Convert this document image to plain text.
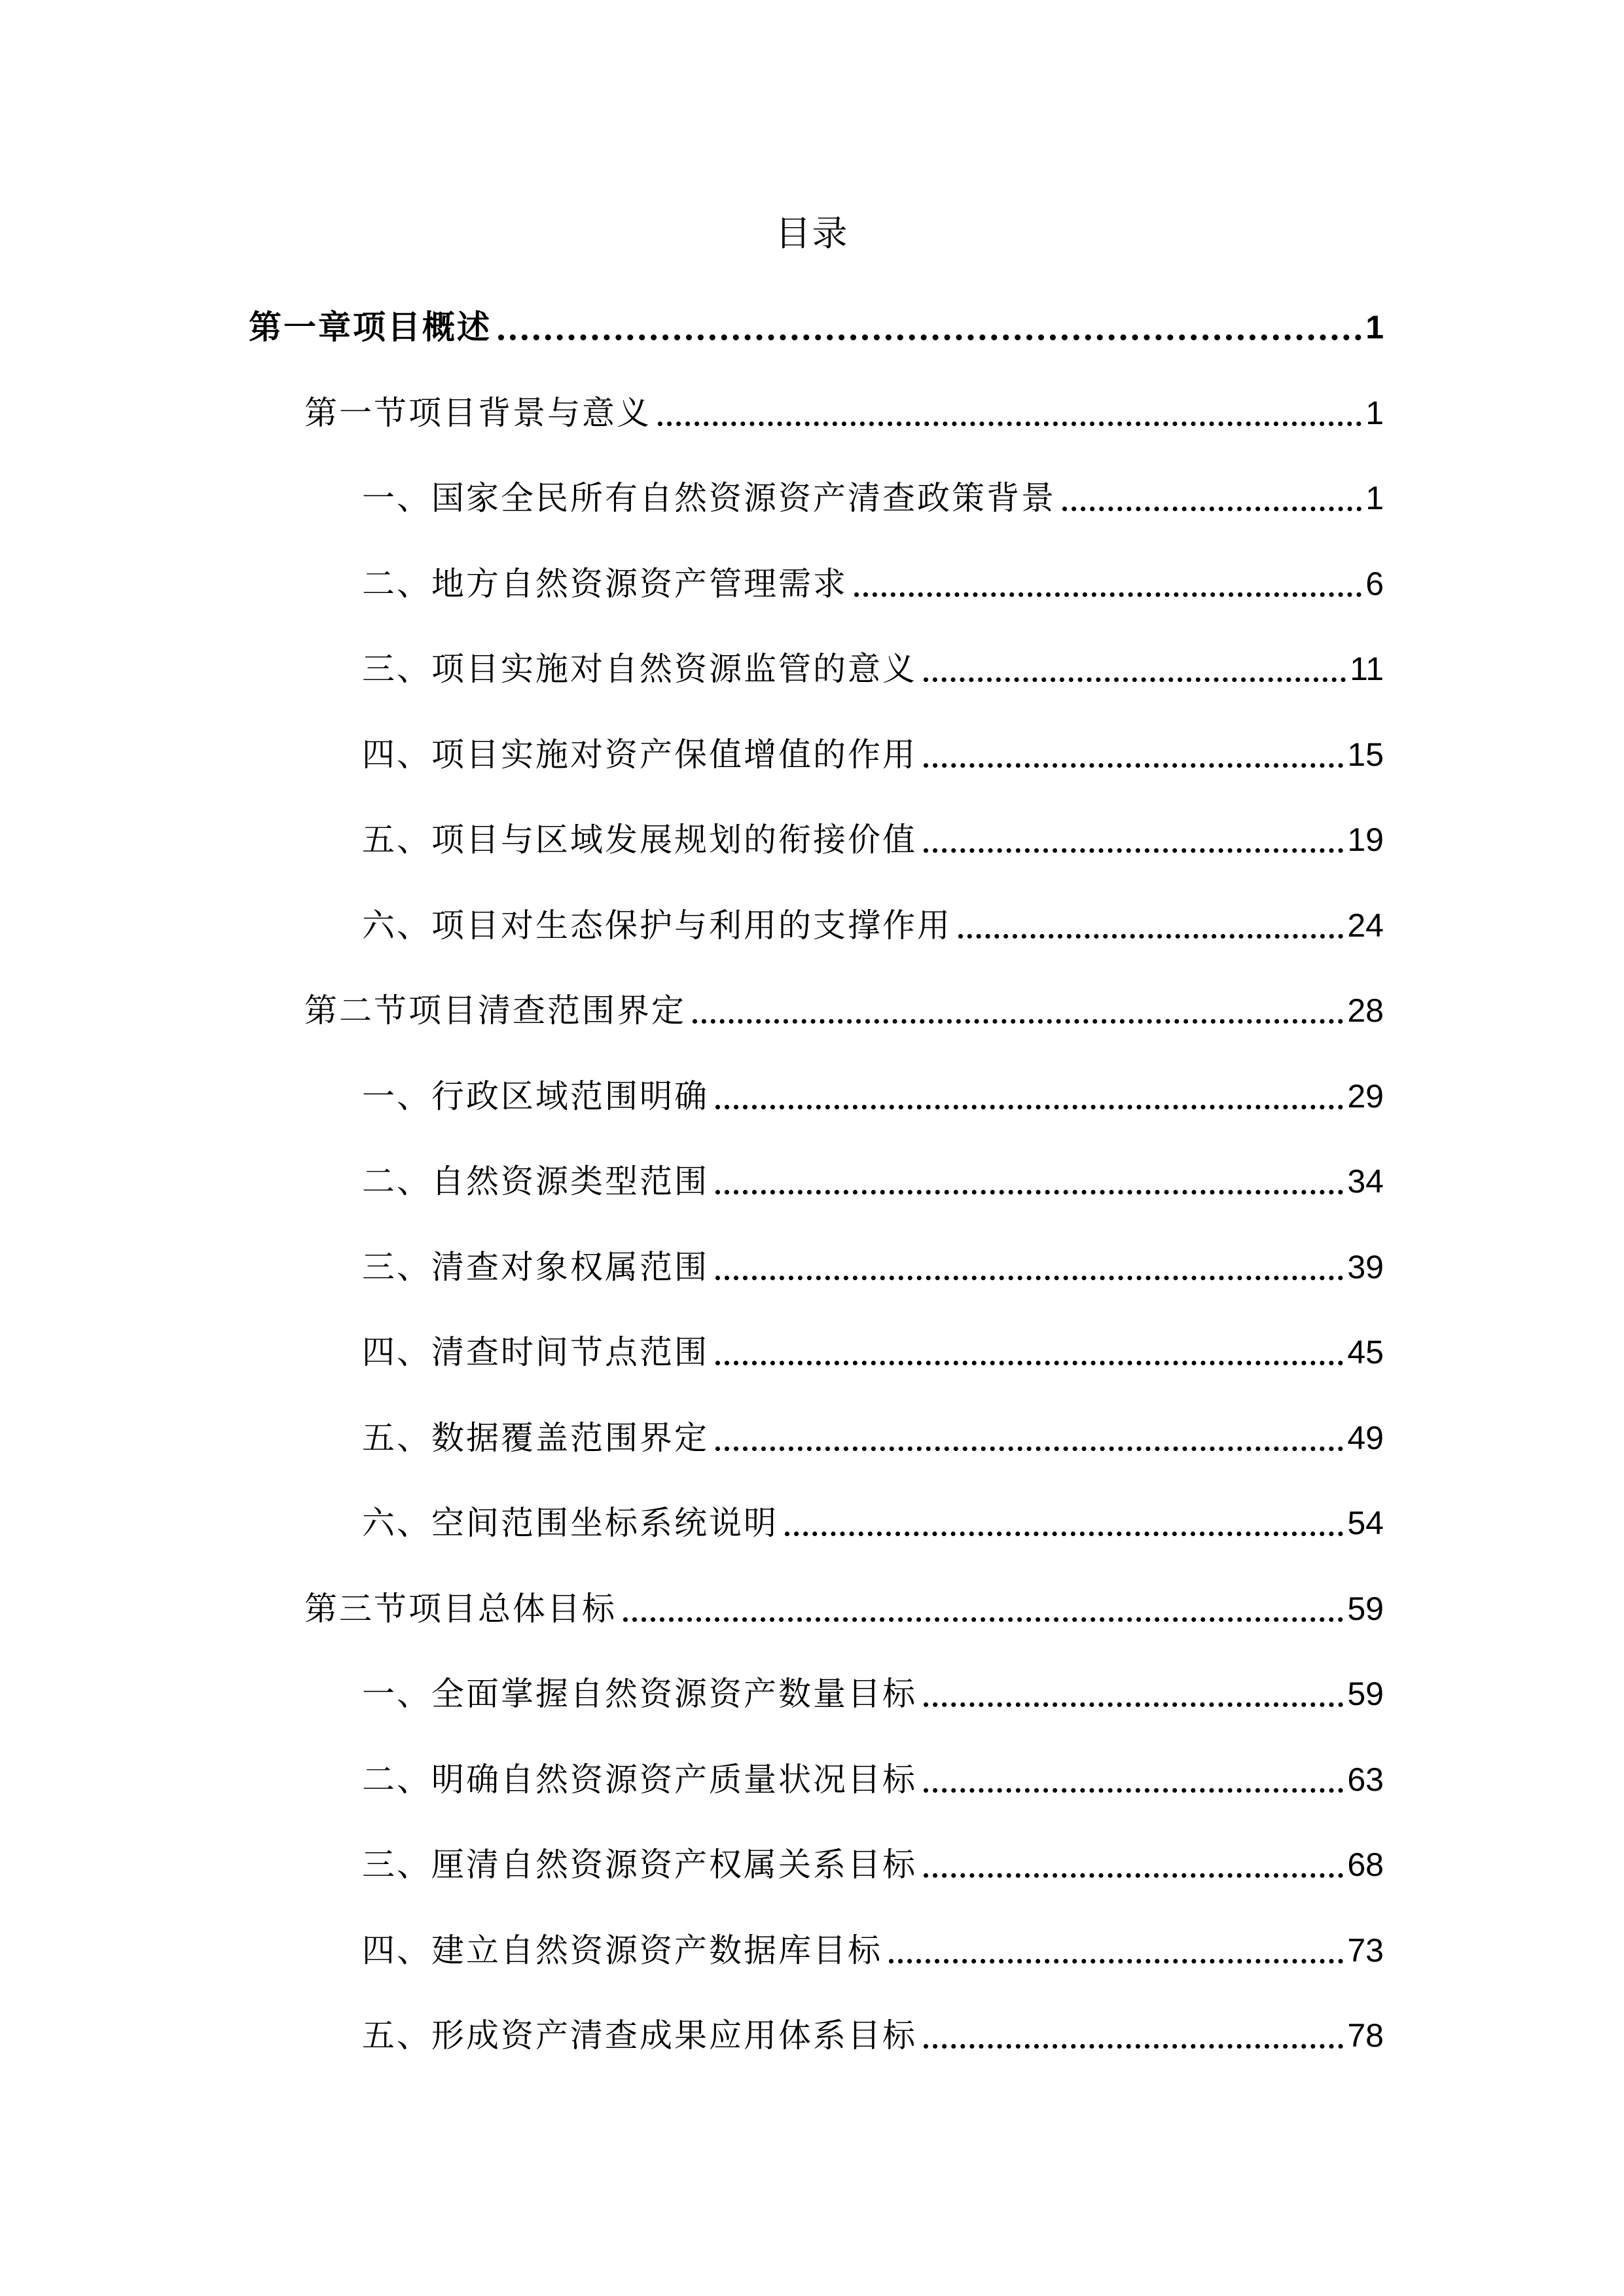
目录
第一章项目概述	1
第一节项目背景与意义	1
一、国家全民所有自然资源资产清查政策背景	1
二、地方自然资源资产管理需求	6
三、项目实施对自然资源监管的意义	11
四、项目实施对资产保值增值的作用	15
五、项目与区域发展规划的衔接价值	19
六、项目对生态保护与利用的支撑作用	24
第二节项目清查范围界定	28
一、行政区域范围明确	29
二、自然资源类型范围	34
三、清查对象权属范围	39
四、清查时间节点范围	45
五、数据覆盖范围界定	49
六、空间范围坐标系统说明	54
第三节项目总体目标	59
一、全面掌握自然资源资产数量目标	59
二、明确自然资源资产质量状况目标	63
三、厘清自然资源资产权属关系目标	68
四、建立自然资源资产数据库目标	73
五、形成资产清查成果应用体系目标	78
